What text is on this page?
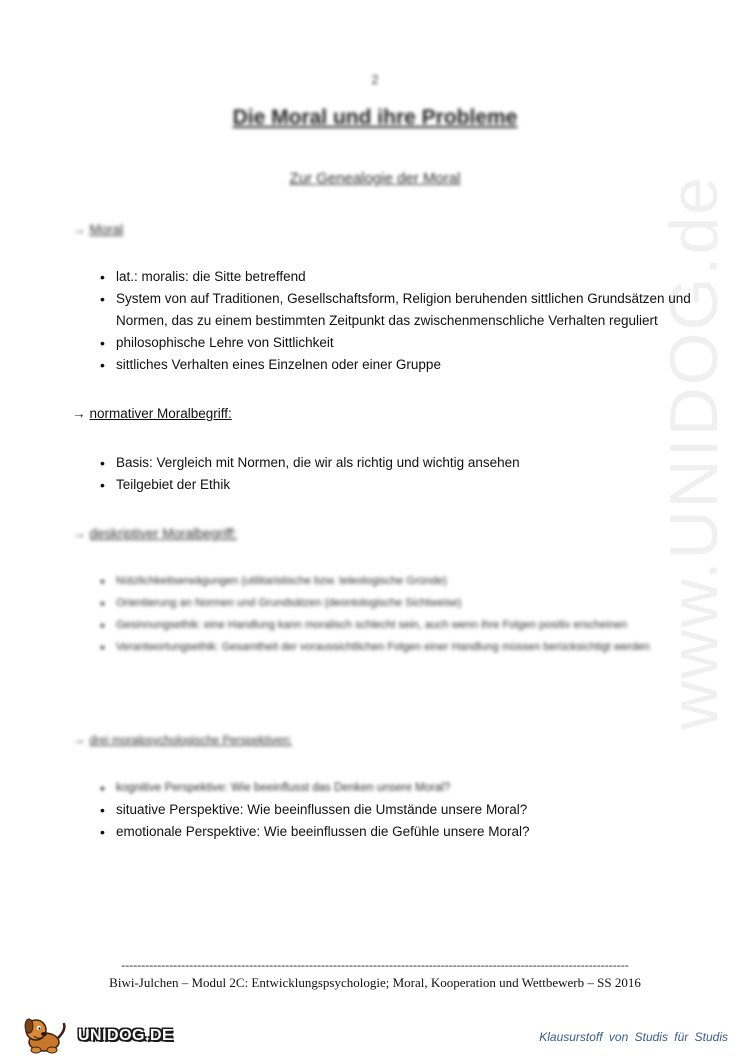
2
Die Moral und ihre Probleme
Zur Genealogie der Moral

→ Moral

• lat.: moralis: die Sitte betreffend
• System von auf Traditionen, Gesellschaftsform, Religion beruhenden sittlichen Grundsätzen und Normen, das zu einem bestimmten Zeitpunkt das zwischenmenschliche Verhalten reguliert
• philosophische Lehre von Sittlichkeit
• sittliches Verhalten eines Einzelnen oder einer Gruppe

→ normativer Moralbegriff:

• Basis: Vergleich mit Normen, die wir als richtig und wichtig ansehen
• Teilgebiet der Ethik

→ deskriptiver Moralbegriff:

• Nützlichkeitserwägungen (utilitaristische bzw. teleologische Gründe)
• Orientierung an Normen und Grundsätzen (deontologische Sichtweise)
• Gesinnungsethik: eine Handlung kann moralisch schlecht sein, auch wenn ihre Folgen positiv erscheinen
• Verantwortungsethik: Gesamtheit der voraussichtlichen Folgen einer Handlung müssen berücksichtigt werden

→ drei moralpsychologische Perspektiven:

• kognitive Perspektive: Wie beeinflusst das Denken unsere Moral?
• situative Perspektive: Wie beeinflussen die Umstände unsere Moral?
• emotionale Perspektive: Wie beeinflussen die Gefühle unsere Moral?
www.UNIDOG.de
-------------------------------------------------------------------------------------------------------------------------------
Biwi-Julchen – Modul 2C: Entwicklungspsychologie; Moral, Kooperation und Wettbewerb – SS 2016
UNIDOG.DE	Klausurstoff von Studis für Studis
